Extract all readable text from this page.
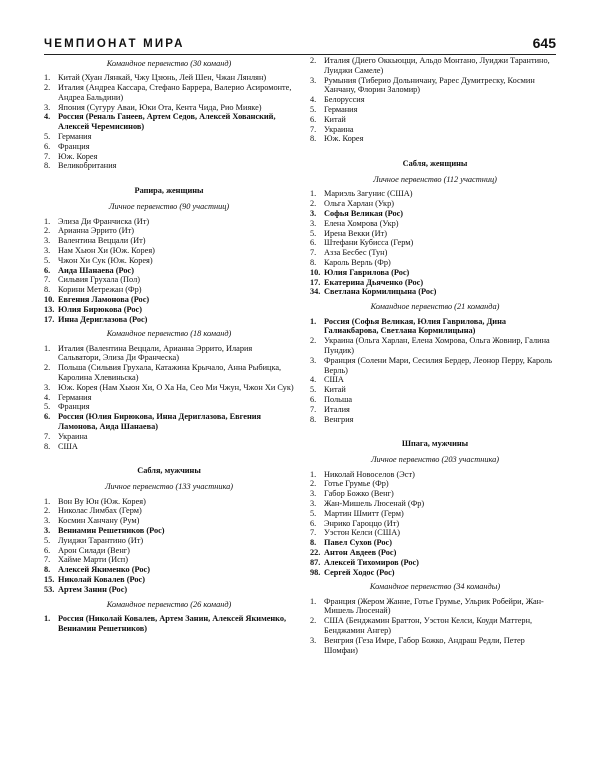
ЧЕМПИОНАТ МИРА	645
Командное первенство (30 команд)
1. Китай (Хуан Лянкай, Чжу Цзюнь, Лей Шен, Чжан Лянлян)
2. Италия (Андреа Кассара, Стефано Баррера, Валерио Асиромонте, Андреа Бальдини)
3. Япония (Сугуру Аваи, Юки Ота, Кента Чида, Рио Мияке)
4. Россия (Реналь Ганеев, Артем Седов, Алексей Хованский, Алексей Черемисинов)
5. Германия
6. Франция
7. Юж. Корея
8. Великобритания
Рапира, женщины
Личное первенство (90 участниц)
1. Элиза Ди Франчиска (Ит)
2. Арианна Эррито (Ит)
3. Валентина Веццали (Ит)
3. Нам Хьюн Хи (Юж. Корея)
5. Чжон Хи Сук (Юж. Корея)
6. Аида Шанаева (Рос)
7. Сильвия Грухала (Пол)
8. Корини Метрежан (Фр)
10. Евгения Ламонова (Рос)
13. Юлия Бирюкова (Рос)
17. Инна Дериглазова (Рос)
Командное первенство (18 команд)
1. Италия (Валентина Веццали, Арианна Эррито, Илария Сальватори, Элиза Ди Франческа)
2. Польша (Сильвия Грухала, Катажина Крычало, Анна Рыбицка, Каролина Хлевиньска)
3. Юж. Корея (Нам Хьюн Хи, О Ха На, Сео Ми Чжун, Чжон Хи Сук)
4. Германия
5. Франция
6. Россия (Юлия Бирюкова, Инна Дериглазова, Евгения Ламонова, Аида Шанаева)
7. Украина
8. США
Сабля, мужчины
Личное первенство (133 участника)
1. Вон Ву Юн (Юж. Корея)
2. Николас Лимбах (Герм)
3. Космин Ханчану (Рум)
3. Вениамин Решетников (Рос)
5. Луиджи Тарантино (Ит)
6. Арон Силади (Венг)
7. Хайме Марти (Исп)
8. Алексей Якименко (Рос)
15. Николай Ковалев (Рос)
53. Артем Занин (Рос)
Командное первенство (26 команд)
1. Россия (Николай Ковалев, Артем Занин, Алексей Якименко, Вениамин Решетников)
2. Италия (Диего Оккьюцци, Альдо Монтано, Луиджи Тарантино, Луиджи Самеле)
3. Румыния (Тиберио Дольничану, Рарес Думитреску, Космин Ханчану, Флорин Заломир)
4. Белоруссия
5. Германия
6. Китай
7. Украина
8. Юж. Корея
Сабля, женщины
Личное первенство (112 участниц)
1. Мариэль Загунис (США)
2. Ольга Харлан (Укр)
3. Софья Великая (Рос)
3. Елена Хомрова (Укр)
5. Ирена Векки (Ит)
6. Штефани Кубисса (Герм)
7. Азза Бесбес (Тун)
8. Кароль Верль (Фр)
10. Юлия Гаврилова (Рос)
17. Екатерина Дьяченко (Рос)
34. Светлана Кормилицына (Рос)
Командное первенство (21 команда)
1. Россия (Софья Великая, Юлия Гаврилова, Дина Галиакбарова, Светлана Кормилицына)
2. Украина (Ольга Харлан, Елена Хомрова, Ольга Жовнир, Галина Пундик)
3. Франция (Солени Мари, Сесилия Бердер, Леонор Перру, Кароль Верль)
4. США
5. Китай
6. Польша
7. Италия
8. Венгрия
Шпага, мужчины
Личное первенство (203 участника)
1. Николай Новоселов (Эст)
2. Готье Грумье (Фр)
3. Габор Божко (Венг)
3. Жан-Мишель Люсенай (Фр)
5. Мартин Шмитт (Герм)
6. Энрико Гароццо (Ит)
7. Уэстон Келси (США)
8. Павел Сухов (Рос)
22. Антон Авдеев (Рос)
87. Алексей Тихомиров (Рос)
98. Сергей Ходос (Рос)
Командное первенство (34 команды)
1. Франция (Жером Жанне, Готье Грумье, Ульрик Робейри, Жан-Мишель Люсенай)
2. США (Бенджамин Браттон, Уэстон Келси, Коуди Маттерн, Бенджамин Ангер)
3. Венгрия (Геза Имре, Габор Божко, Андраш Редли, Петер Шомфаи)
